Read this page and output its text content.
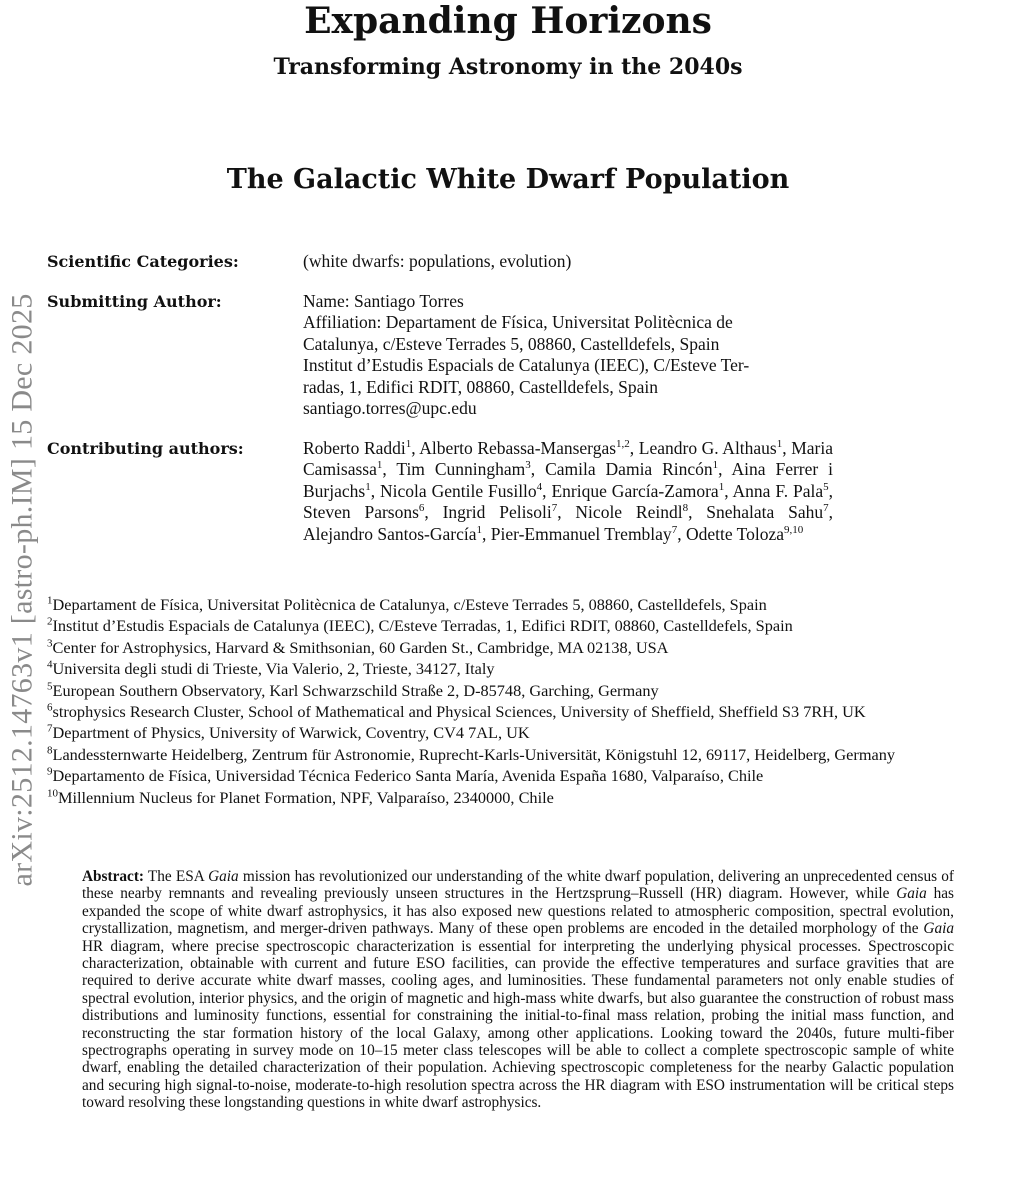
arXiv:2512.14763v1 [astro-ph.IM] 15 Dec 2025
Expanding Horizons
Transforming Astronomy in the 2040s
The Galactic White Dwarf Population
Scientific Categories:	(white dwarfs: populations, evolution)
Submitting Author:	Name: Santiago Torres
Affiliation: Departament de Física, Universitat Politècnica de
Catalunya, c/Esteve Terrades 5, 08860, Castelldefels, Spain
Institut d’Estudis Espacials de Catalunya (IEEC), C/Esteve Ter-
radas, 1, Edifici RDIT, 08860, Castelldefels, Spain
santiago.torres@upc.edu
Contributing authors:	Roberto Raddi$^1$, Alberto Rebassa-Mansergas$^{1,2}$, Leandro G. Althaus$^1$, Maria Camisassa$^1$, Tim Cunningham$^3$, Camila Damia Rincón$^1$, Aina Ferrer i Burjachs$^1$, Nicola Gentile Fusillo$^4$, Enrique García-Zamora$^1$, Anna F. Pala$^5$, Steven Parsons$^6$, Ingrid Pelisoli$^7$, Nicole Reindl$^8$, Snehalata Sahu$^7$, Alejandro Santos-García$^1$, Pier-Emmanuel Tremblay$^7$, Odette Toloza$^{9,10}$
$^1$Departament de Física, Universitat Politècnica de Catalunya, c/Esteve Terrades 5, 08860, Castelldefels, Spain
$^2$Institut d’Estudis Espacials de Catalunya (IEEC), C/Esteve Terradas, 1, Edifici RDIT, 08860, Castelldefels, Spain
$^3$Center for Astrophysics, Harvard & Smithsonian, 60 Garden St., Cambridge, MA 02138, USA
$^4$Universita degli studi di Trieste, Via Valerio, 2, Trieste, 34127, Italy
$^5$European Southern Observatory, Karl Schwarzschild Straße 2, D-85748, Garching, Germany
$^6$strophysics Research Cluster, School of Mathematical and Physical Sciences, University of Sheffield, Sheffield S3 7RH, UK
$^7$Department of Physics, University of Warwick, Coventry, CV4 7AL, UK
$^8$Landessternwarte Heidelberg, Zentrum für Astronomie, Ruprecht-Karls-Universität, Königstuhl 12, 69117, Heidelberg, Germany
$^9$Departamento de Física, Universidad Técnica Federico Santa María, Avenida España 1680, Valparaíso, Chile
$^{10}$Millennium Nucleus for Planet Formation, NPF, Valparaíso, 2340000, Chile

Abstract: The ESA Gaia mission has revolutionized our understanding of the white dwarf population, delivering an unprecedented census of these nearby remnants and revealing previously unseen structures in the Hertzsprung–Russell (HR) diagram. However, while Gaia has expanded the scope of white dwarf astrophysics, it has also exposed new questions related to atmospheric composition, spectral evolution, crystallization, magnetism, and merger-driven pathways. Many of these open problems are encoded in the detailed morphology of the Gaia HR diagram, where precise spectroscopic characterization is essential for interpreting the underlying physical processes. Spectroscopic characterization, obtainable with current and future ESO facilities, can provide the effective temperatures and surface gravities that are required to derive accurate white dwarf masses, cooling ages, and luminosities. These fundamental parameters not only enable studies of spectral evolution, interior physics, and the origin of magnetic and high-mass white dwarfs, but also guarantee the construction of robust mass distributions and luminosity functions, essential for constraining the initial-to-final mass relation, probing the initial mass function, and reconstructing the star formation history of the local Galaxy, among other applications. Looking toward the 2040s, future multi-fiber spectrographs operating in survey mode on 10–15 meter class telescopes will be able to collect a complete spectroscopic sample of white dwarf, enabling the detailed characterization of their population. Achieving spectroscopic completeness for the nearby Galactic population and securing high signal-to-noise, moderate-to-high resolution spectra across the HR diagram with ESO instrumentation will be critical steps toward resolving these longstanding questions in white dwarf astrophysics.
